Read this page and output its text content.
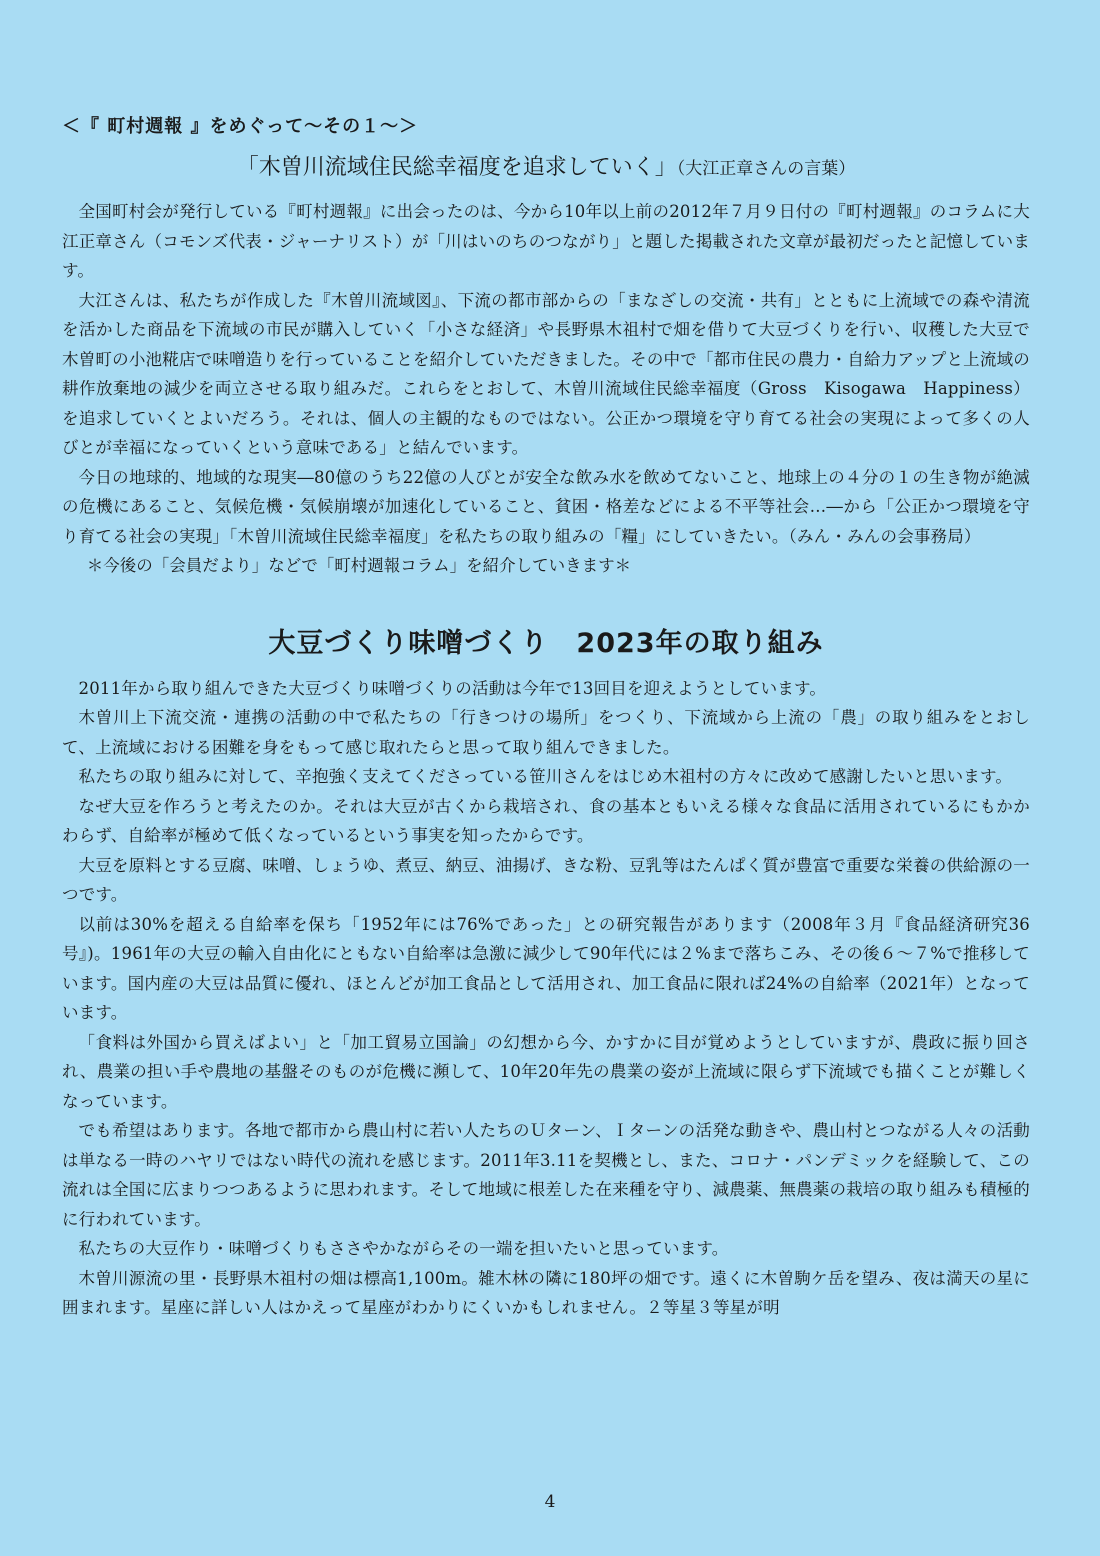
＜『 町村週報 』をめぐって〜その１〜＞
「木曽川流域住民総幸福度を追求していく」（大江正章さんの言葉）

全国町村会が発行している『町村週報』に出会ったのは、今から10年以上前の2012年７月９日付の『町村週報』のコラムに大江正章さん（コモンズ代表・ジャーナリスト）が「川はいのちのつながり」と題した掲載された文章が最初だったと記憶しています。

大江さんは、私たちが作成した『木曽川流域図』、下流の都市部からの「まなざしの交流・共有」とともに上流域での森や清流を活かした商品を下流域の市民が購入していく「小さな経済」や長野県木祖村で畑を借りて大豆づくりを行い、収穫した大豆で木曽町の小池糀店で味噌造りを行っていることを紹介していただきました。その中で「都市住民の農力・自給力アップと上流域の耕作放棄地の減少を両立させる取り組みだ。これらをとおして、木曽川流域住民総幸福度（Gross　Kisogawa　Happiness）を追求していくとよいだろう。それは、個人の主観的なものではない。公正かつ環境を守り育てる社会の実現によって多くの人びとが幸福になっていくという意味である」と結んでいます。

今日の地球的、地域的な現実―80億のうち22億の人びとが安全な飲み水を飲めてないこと、地球上の４分の１の生き物が絶滅の危機にあること、気候危機・気候崩壊が加速化していること、貧困・格差などによる不平等社会…―から「公正かつ環境を守り育てる社会の実現」「木曽川流域住民総幸福度」を私たちの取り組みの「糧」にしていきたい。（みん・みんの会事務局）

＊今後の「会員だより」などで「町村週報コラム」を紹介していきます＊

大豆づくり味噌づくり　2023年の取り組み

2011年から取り組んできた大豆づくり味噌づくりの活動は今年で13回目を迎えようとしています。

木曽川上下流交流・連携の活動の中で私たちの「行きつけの場所」をつくり、下流域から上流の「農」の取り組みをとおして、上流域における困難を身をもって感じ取れたらと思って取り組んできました。

私たちの取り組みに対して、辛抱強く支えてくださっている笹川さんをはじめ木祖村の方々に改めて感謝したいと思います。

なぜ大豆を作ろうと考えたのか。それは大豆が古くから栽培され、食の基本ともいえる様々な食品に活用されているにもかかわらず、自給率が極めて低くなっているという事実を知ったからです。

大豆を原料とする豆腐、味噌、しょうゆ、煮豆、納豆、油揚げ、きな粉、豆乳等はたんぱく質が豊富で重要な栄養の供給源の一つです。

以前は30%を超える自給率を保ち「1952年には76%であった」との研究報告があります（2008年３月『食品経済研究36号』)。1961年の大豆の輸入自由化にともない自給率は急激に減少して90年代には２%まで落ちこみ、その後６〜７%で推移しています。国内産の大豆は品質に優れ、ほとんどが加工食品として活用され、加工食品に限れば24%の自給率（2021年）となっています。

「食料は外国から買えばよい」と「加工貿易立国論」の幻想から今、かすかに目が覚めようとしていますが、農政に振り回され、農業の担い手や農地の基盤そのものが危機に瀕して、10年20年先の農業の姿が上流域に限らず下流域でも描くことが難しくなっています。

でも希望はあります。各地で都市から農山村に若い人たちのＵターン、Ｉターンの活発な動きや、農山村とつながる人々の活動は単なる一時のハヤリではない時代の流れを感じます。2011年3.11を契機とし、また、コロナ・パンデミックを経験して、この流れは全国に広まりつつあるように思われます。そして地域に根差した在来種を守り、減農薬、無農薬の栽培の取り組みも積極的に行われています。

私たちの大豆作り・味噌づくりもささやかながらその一端を担いたいと思っています。

木曽川源流の里・長野県木祖村の畑は標高1,100m。雑木林の隣に180坪の畑です。遠くに木曽駒ケ岳を望み、夜は満天の星に囲まれます。星座に詳しい人はかえって星座がわかりにくいかもしれません。２等星３等星が明

4
